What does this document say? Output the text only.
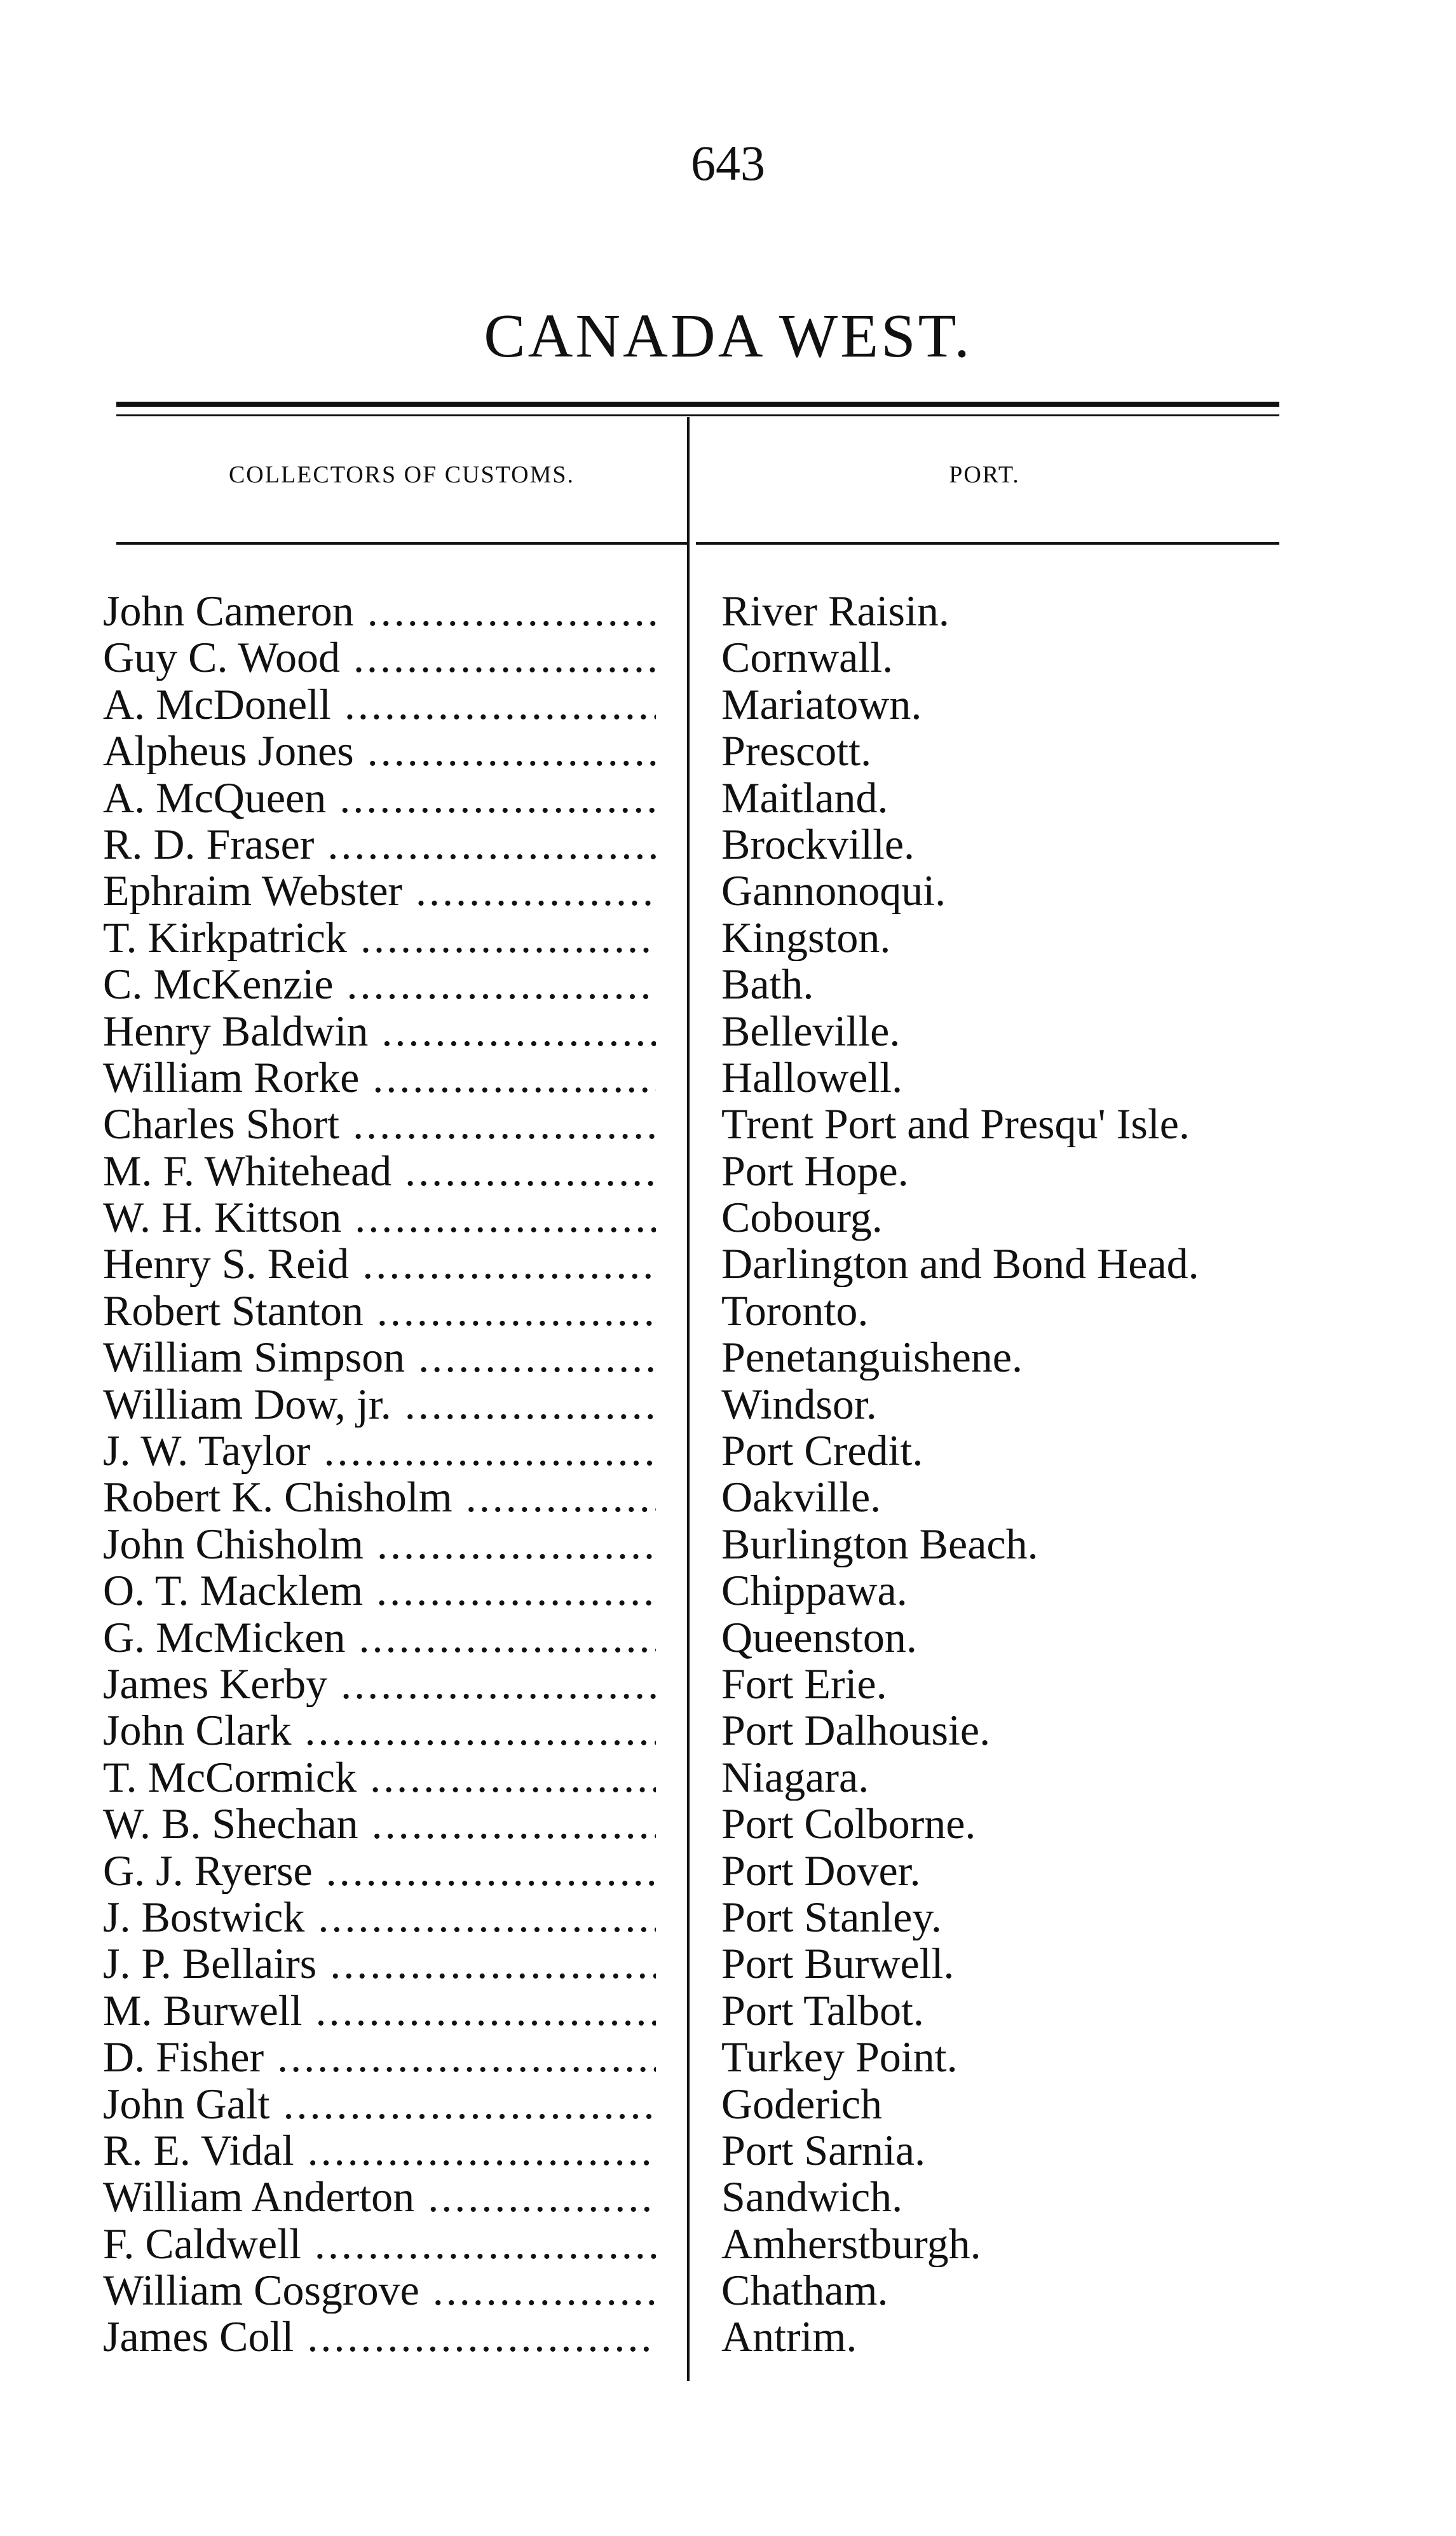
643
CANADA WEST.
COLLECTORS OF CUSTOMS.	PORT.
John Cameron .....	River Raisin.
Guy C. Wood .....	Cornwall.
A. McDonell .....	Mariatown.
Alpheus Jones .....	Prescott.
A. McQueen .....	Maitland.
R. D. Fraser .....	Brockville.
Ephraim Webster .....	Gannonoqui.
T. Kirkpatrick .....	Kingston.
C. McKenzie .....	Bath.
Henry Baldwin .....	Belleville.
William Rorke .....	Hallowell.
Charles Short .....	Trent Port and Presqu' Isle.
M. F. Whitehead .....	Port Hope.
W. H. Kittson .....	Cobourg.
Henry S. Reid .....	Darlington and Bond Head.
Robert Stanton .....	Toronto.
William Simpson .....	Penetanguishene.
William Dow, jr. .....	Windsor.
J. W. Taylor .....	Port Credit.
Robert K. Chisholm .....	Oakville.
John Chisholm .....	Burlington Beach.
O. T. Macklem .....	Chippawa.
G. McMicken .....	Queenston.
James Kerby .....	Fort Erie.
John Clark .....	Port Dalhousie.
T. McCormick .....	Niagara.
W. B. Shechan .....	Port Colborne.
G. J. Ryerse .....	Port Dover.
J. Bostwick .....	Port Stanley.
J. P. Bellairs .....	Port Burwell.
M. Burwell .....	Port Talbot.
D. Fisher .....	Turkey Point.
John Galt .....	Goderich
R. E. Vidal .....	Port Sarnia.
William Anderton .....	Sandwich.
F. Caldwell .....	Amherstburgh.
William Cosgrove .....	Chatham.
James Coll .....	Antrim.
